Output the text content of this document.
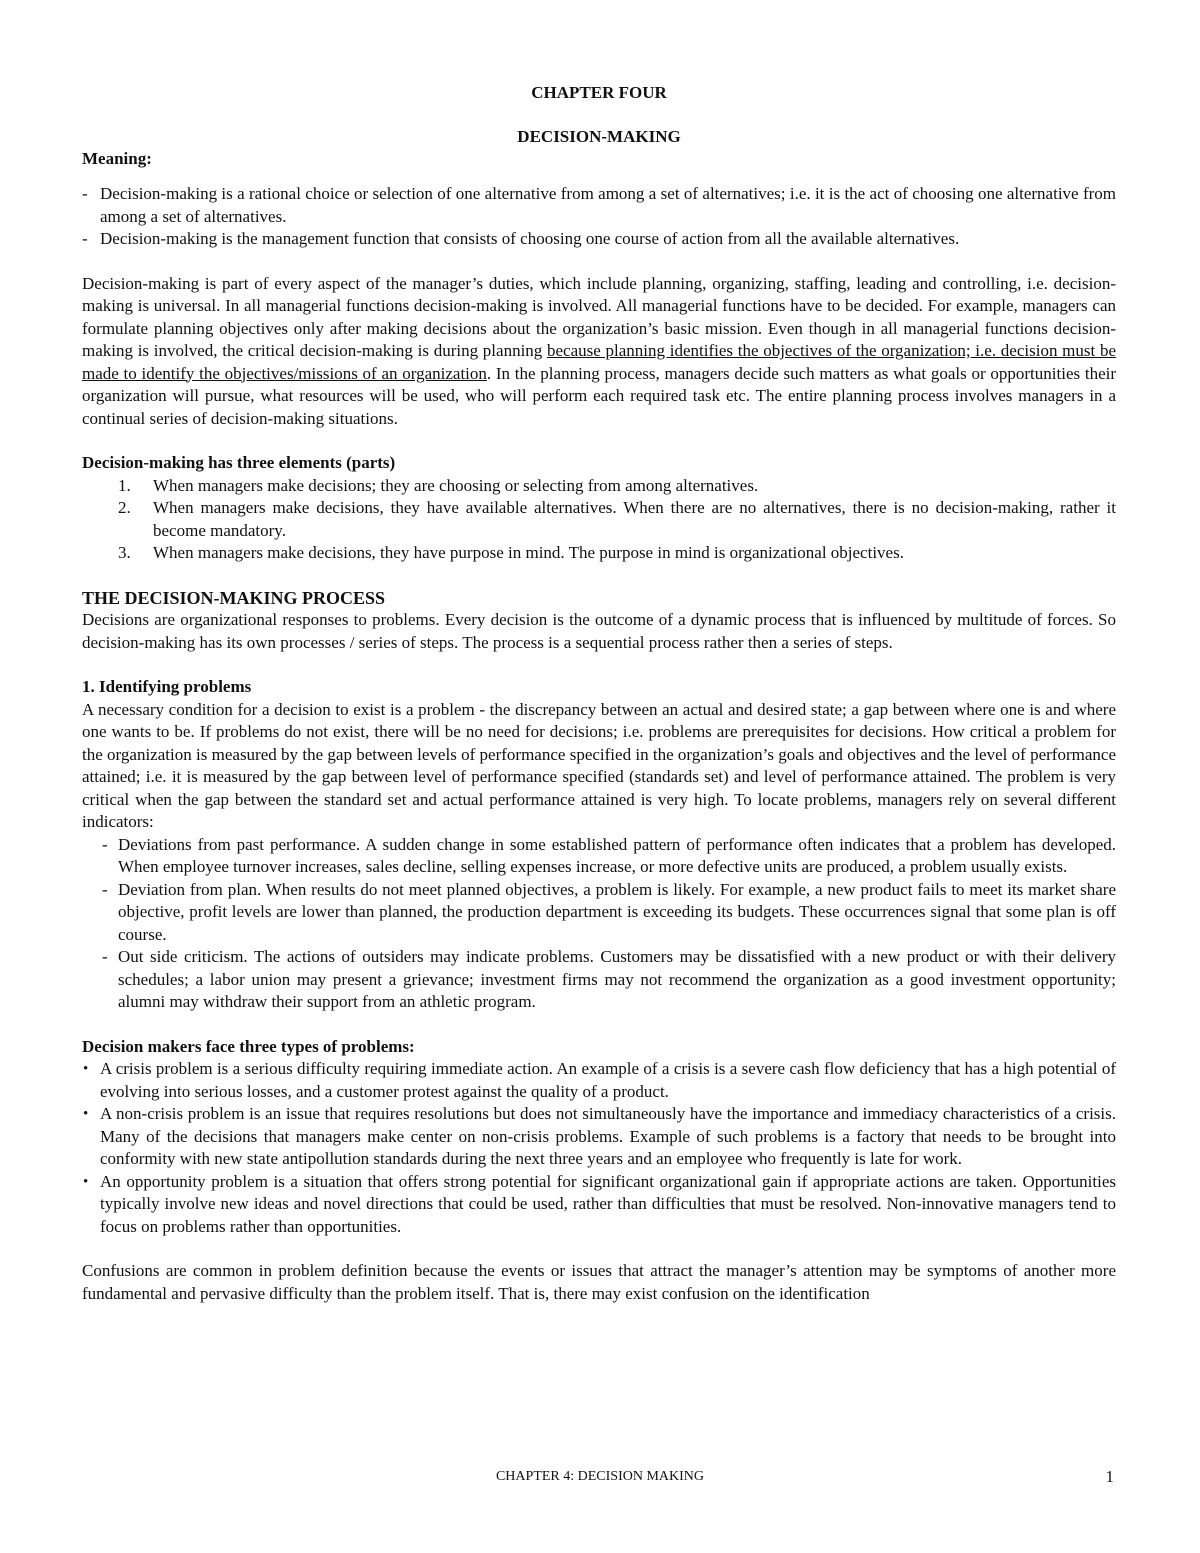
CHAPTER FOUR
DECISION-MAKING
Meaning:
- Decision-making is a rational choice or selection of one alternative from among a set of alternatives; i.e. it is the act of choosing one alternative from among a set of alternatives.
- Decision-making is the management function that consists of choosing one course of action from all the available alternatives.

Decision-making is part of every aspect of the manager’s duties, which include planning, organizing, staffing, leading and controlling, i.e. decision-making is universal. In all managerial functions decision-making is involved. All managerial functions have to be decided. For example, managers can formulate planning objectives only after making decisions about the organization’s basic mission. Even though in all managerial functions decision-making is involved, the critical decision-making is during planning because planning identifies the objectives of the organization; i.e. decision must be made to identify the objectives/missions of an organization. In the planning process, managers decide such matters as what goals or opportunities their organization will pursue, what resources will be used, who will perform each required task etc. The entire planning process involves managers in a continual series of decision-making situations.

Decision-making has three elements (parts)
1. When managers make decisions; they are choosing or selecting from among alternatives.
2. When managers make decisions, they have available alternatives. When there are no alternatives, there is no decision-making, rather it become mandatory.
3. When managers make decisions, they have purpose in mind. The purpose in mind is organizational objectives.
THE DECISION-MAKING PROCESS

Decisions are organizational responses to problems. Every decision is the outcome of a dynamic process that is influenced by multitude of forces. So decision-making has its own processes / series of steps. The process is a sequential process rather then a series of steps.

1. Identifying problems

A necessary condition for a decision to exist is a problem - the discrepancy between an actual and desired state; a gap between where one is and where one wants to be. If problems do not exist, there will be no need for decisions; i.e. problems are prerequisites for decisions. How critical a problem for the organization is measured by the gap between levels of performance specified in the organization’s goals and objectives and the level of performance attained; i.e. it is measured by the gap between level of performance specified (standards set) and level of performance attained. The problem is very critical when the gap between the standard set and actual performance attained is very high. To locate problems, managers rely on several different indicators:

- Deviations from past performance. A sudden change in some established pattern of performance often indicates that a problem has developed. When employee turnover increases, sales decline, selling expenses increase, or more defective units are produced, a problem usually exists.
- Deviation from plan. When results do not meet planned objectives, a problem is likely. For example, a new product fails to meet its market share objective, profit levels are lower than planned, the production department is exceeding its budgets. These occurrences signal that some plan is off course.
- Out side criticism. The actions of outsiders may indicate problems. Customers may be dissatisfied with a new product or with their delivery schedules; a labor union may present a grievance; investment firms may not recommend the organization as a good investment opportunity; alumni may withdraw their support from an athletic program.
Decision makers face three types of problems:
• A crisis problem is a serious difficulty requiring immediate action. An example of a crisis is a severe cash flow deficiency that has a high potential of evolving into serious losses, and a customer protest against the quality of a product.
• A non-crisis problem is an issue that requires resolutions but does not simultaneously have the importance and immediacy characteristics of a crisis. Many of the decisions that managers make center on non-crisis problems. Example of such problems is a factory that needs to be brought into conformity with new state antipollution standards during the next three years and an employee who frequently is late for work.
• An opportunity problem is a situation that offers strong potential for significant organizational gain if appropriate actions are taken. Opportunities typically involve new ideas and novel directions that could be used, rather than difficulties that must be resolved. Non-innovative managers tend to focus on problems rather than opportunities.

Confusions are common in problem definition because the events or issues that attract the manager’s attention may be symptoms of another more fundamental and pervasive difficulty than the problem itself. That is, there may exist confusion on the identification

CHAPTER 4: DECISION MAKING	1
